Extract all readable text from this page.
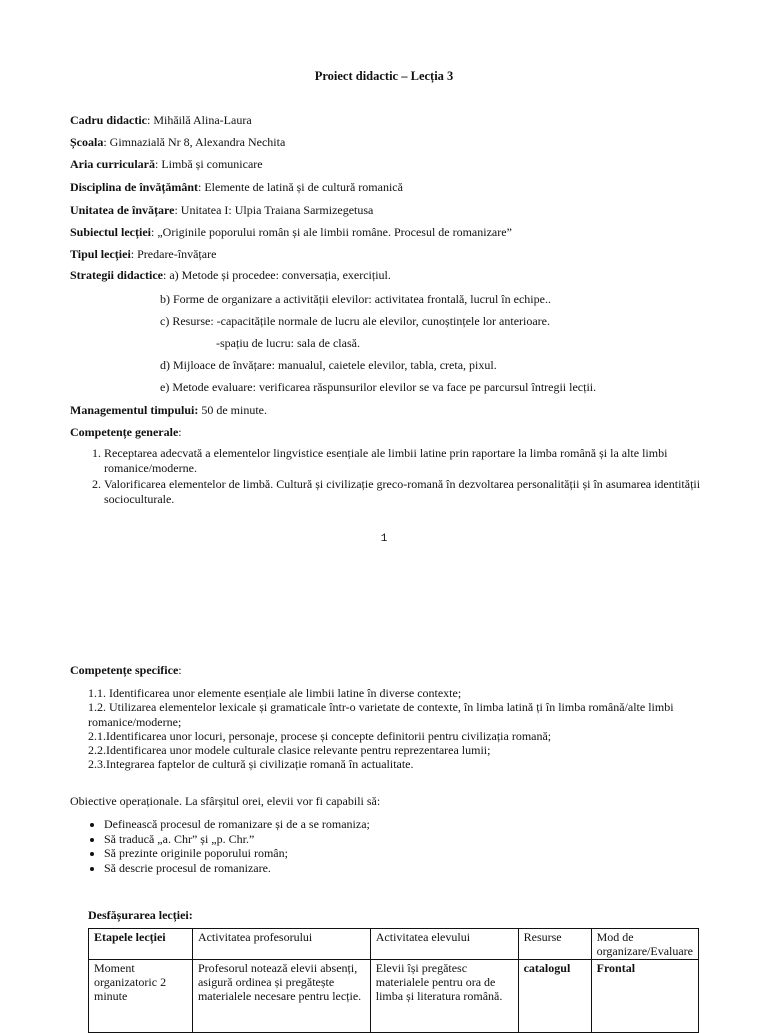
Proiect didactic – Lecția 3
Cadru didactic: Mihăilă Alina-Laura
Școala: Gimnazială Nr 8, Alexandra Nechita
Aria curriculară: Limbă și comunicare
Disciplina de învățământ: Elemente de latină și de cultură romanică
Unitatea de învățare: Unitatea I: Ulpia Traiana Sarmizegetusa
Subiectul lecției: „Originile poporului român și ale limbii române. Procesul de romanizare”
Tipul lecției: Predare-învățare
Strategii didactice: a) Metode și procedee: conversația, exercițiul.
b) Forme de organizare a activității elevilor: activitatea frontală, lucrul în echipe..
c) Resurse: -capacitățile normale de lucru ale elevilor, cunoștințele lor anterioare.
-spațiu de lucru: sala de clasă.
d) Mijloace de învățare: manualul, caietele elevilor, tabla, creta, pixul.
e) Metode evaluare: verificarea răspunsurilor elevilor se va face pe parcursul întregii lecții.
Managementul timpului: 50 de minute.
Competențe generale:
1. Receptarea adecvată a elementelor lingvistice esențiale ale limbii latine prin raportare la limba română și la alte limbi romanice/moderne.
2. Valorificarea elementelor de limbă. Cultură și civilizație greco-romană în dezvoltarea personalității și în asumarea identității socioculturale.
1
Competențe specifice:
1.1. Identificarea unor elemente esențiale ale limbii latine în diverse contexte;
1.2. Utilizarea elementelor lexicale și gramaticale într-o varietate de contexte, în limba latină ți în limba română/alte limbi romanice/moderne;
2.1.Identificarea unor locuri, personaje, procese și concepte definitorii pentru civilizația romană;
2.2.Identificarea unor modele culturale clasice relevante pentru reprezentarea lumii;
2.3.Integrarea faptelor de cultură și civilizație romană în actualitate.
Obiective operaționale. La sfârșitul orei, elevii vor fi capabili să:
• Definească procesul de romanizare și de a se romaniza;
• Să traducă „a. Chr” și „p. Chr.”
• Să prezinte originile poporului român;
• Să descrie procesul de romanizare.
Desfășurarea lecției:
Etapele lecției	Activitatea profesorului	Activitatea elevului	Resurse	Mod de organizare/Evaluare
Moment organizatoric 2 minute	Profesorul notează elevii absenți, asigură ordinea și pregătește materialele necesare pentru lecție.	Elevii își pregătesc materialele pentru ora de limba și literatura română.	catalogul	Frontal
